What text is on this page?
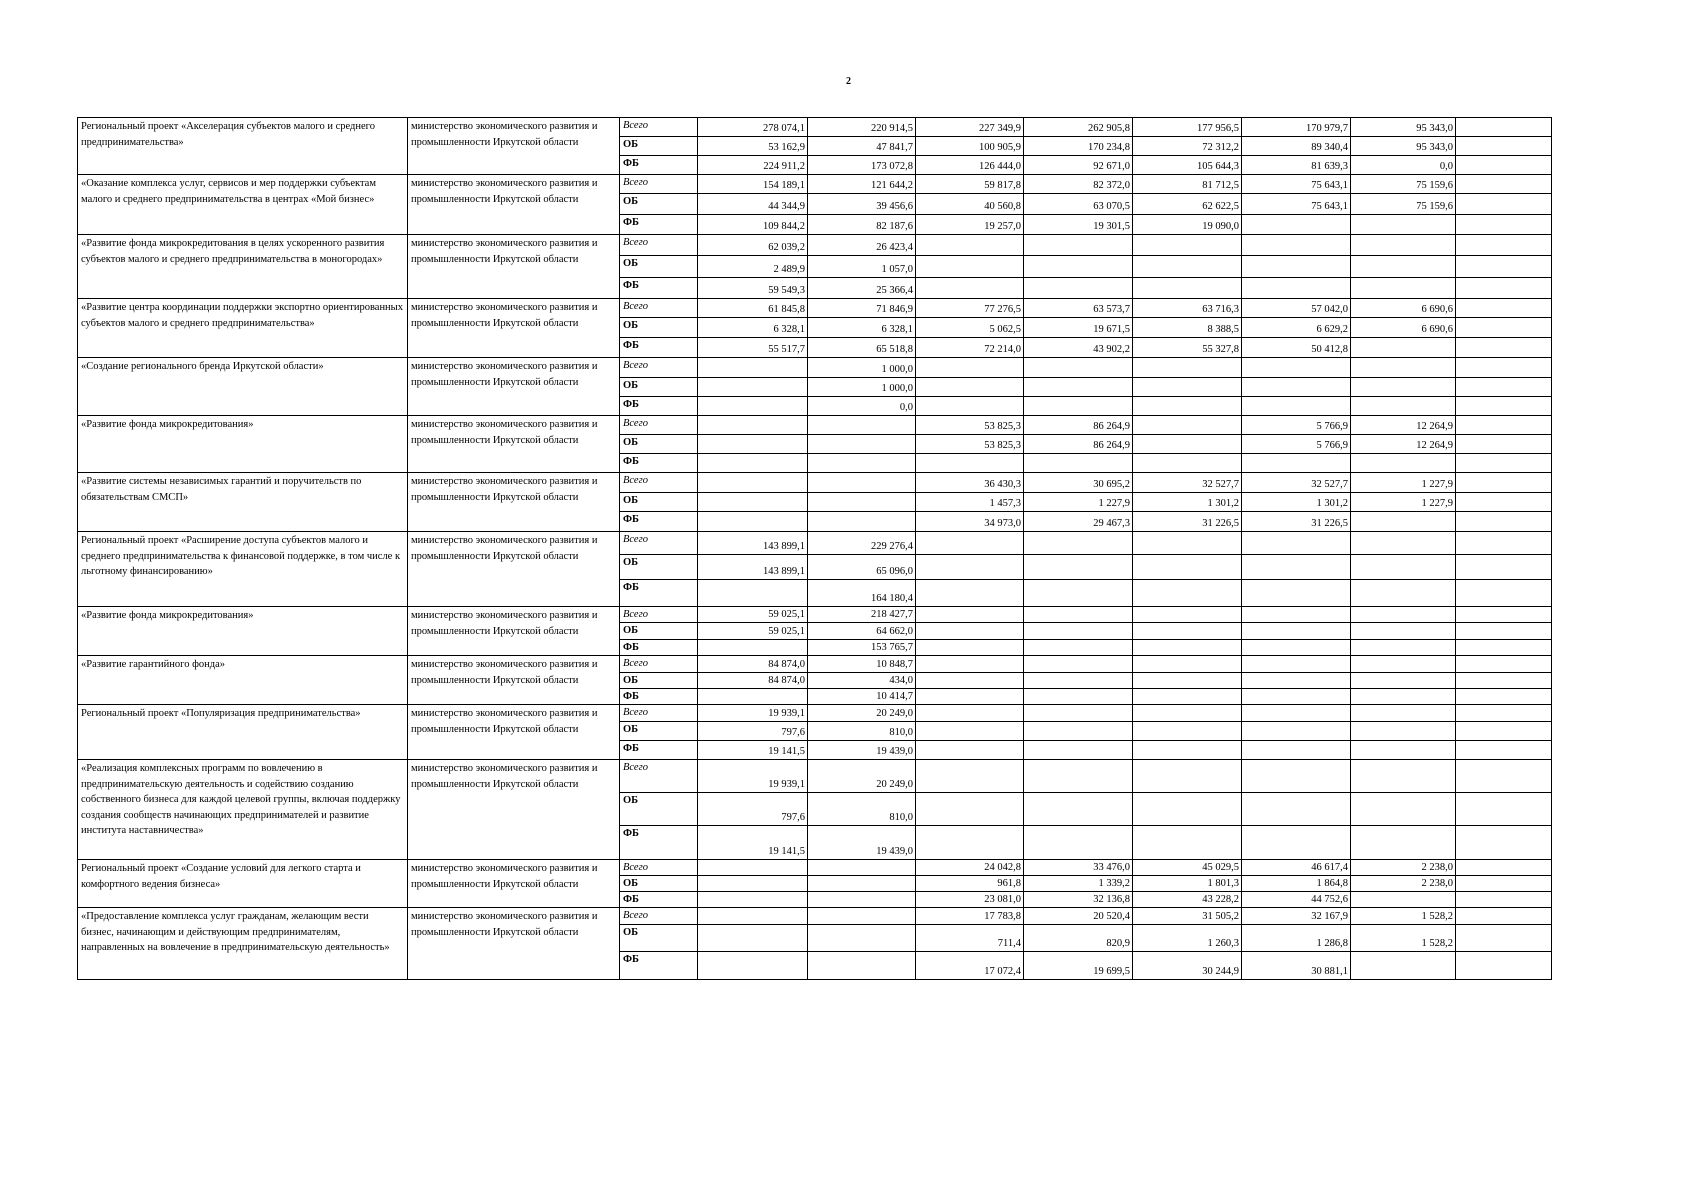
2
Региональный проект «Акселерация субъектов малого и среднего предпринимательства»	министерство экономического развития и промышленности Иркутской области	Всего	278 074,1	220 914,5	227 349,9	262 905,8	177 956,5	170 979,7	95 343,0	
		ОБ	53 162,9	47 841,7	100 905,9	170 234,8	72 312,2	89 340,4	95 343,0	
		ФБ	224 911,2	173 072,8	126 444,0	92 671,0	105 644,3	81 639,3	0,0	
«Оказание комплекса услуг, сервисов и мер поддержки субъектам малого и среднего предпринимательства в центрах «Мой бизнес»	министерство экономического развития и промышленности Иркутской области	Всего	154 189,1	121 644,2	59 817,8	82 372,0	81 712,5	75 643,1	75 159,6	
		ОБ	44 344,9	39 456,6	40 560,8	63 070,5	62 622,5	75 643,1	75 159,6	
		ФБ	109 844,2	82 187,6	19 257,0	19 301,5	19 090,0			
«Развитие фонда микрокредитования в целях ускоренного развития субъектов малого и среднего предпринимательства в моногородах»	министерство экономического развития и промышленности Иркутской области	Всего	62 039,2	26 423,4						
		ОБ	2 489,9	1 057,0						
		ФБ	59 549,3	25 366,4						
«Развитие центра координации поддержки экспортно ориентированных субъектов малого и среднего предпринимательства»	министерство экономического развития и промышленности Иркутской области	Всего	61 845,8	71 846,9	77 276,5	63 573,7	63 716,3	57 042,0	6 690,6	
		ОБ	6 328,1	6 328,1	5 062,5	19 671,5	8 388,5	6 629,2	6 690,6	
		ФБ	55 517,7	65 518,8	72 214,0	43 902,2	55 327,8	50 412,8		
«Создание регионального бренда Иркутской области»	министерство экономического развития и промышленности Иркутской области	Всего		1 000,0						
		ОБ		1 000,0						
		ФБ		0,0						
«Развитие фонда микрокредитования»	министерство экономического развития и промышленности Иркутской области	Всего			53 825,3	86 264,9		5 766,9	12 264,9	
		ОБ			53 825,3	86 264,9		5 766,9	12 264,9	
		ФБ								
«Развитие системы независимых гарантий и поручительств по обязательствам СМСП»	министерство экономического развития и промышленности Иркутской области	Всего			36 430,3	30 695,2	32 527,7	32 527,7	1 227,9	
		ОБ			1 457,3	1 227,9	1 301,2	1 301,2	1 227,9	
		ФБ			34 973,0	29 467,3	31 226,5	31 226,5		
Региональный проект «Расширение доступа субъектов малого и среднего предпринимательства к финансовой поддержке, в том числе к льготному финансированию»	министерство экономического развития и промышленности Иркутской области	Всего	143 899,1	229 276,4						
		ОБ	143 899,1	65 096,0						
		ФБ		164 180,4						
«Развитие фонда микрокредитования»	министерство экономического развития и промышленности Иркутской области	Всего	59 025,1	218 427,7						
		ОБ	59 025,1	64 662,0						
		ФБ		153 765,7						
«Развитие гарантийного фонда»	министерство экономического развития и промышленности Иркутской области	Всего	84 874,0	10 848,7						
		ОБ	84 874,0	434,0						
		ФБ		10 414,7						
Региональный проект «Популяризация предпринимательства»	министерство экономического развития и промышленности Иркутской области	Всего	19 939,1	20 249,0						
		ОБ	797,6	810,0						
		ФБ	19 141,5	19 439,0						
«Реализация комплексных программ по вовлечению в предпринимательскую деятельность и содействию созданию собственного бизнеса для каждой целевой группы, включая поддержку создания сообществ начинающих предпринимателей и развитие института наставничества»	министерство экономического развития и промышленности Иркутской области	Всего	19 939,1	20 249,0						
		ОБ	797,6	810,0						
		ФБ	19 141,5	19 439,0						
Региональный проект «Создание условий для легкого старта и комфортного ведения бизнеса»	министерство экономического развития и промышленности Иркутской области	Всего			24 042,8	33 476,0	45 029,5	46 617,4	2 238,0	
		ОБ			961,8	1 339,2	1 801,3	1 864,8	2 238,0	
		ФБ			23 081,0	32 136,8	43 228,2	44 752,6		
«Предоставление комплекса услуг гражданам, желающим вести бизнес, начинающим и действующим предпринимателям, направленных на вовлечение в предпринимательскую деятельность»	министерство экономического развития и промышленности Иркутской области	Всего			17 783,8	20 520,4	31 505,2	32 167,9	1 528,2	
		ОБ			711,4	820,9	1 260,3	1 286,8	1 528,2	
		ФБ			17 072,4	19 699,5	30 244,9	30 881,1		
